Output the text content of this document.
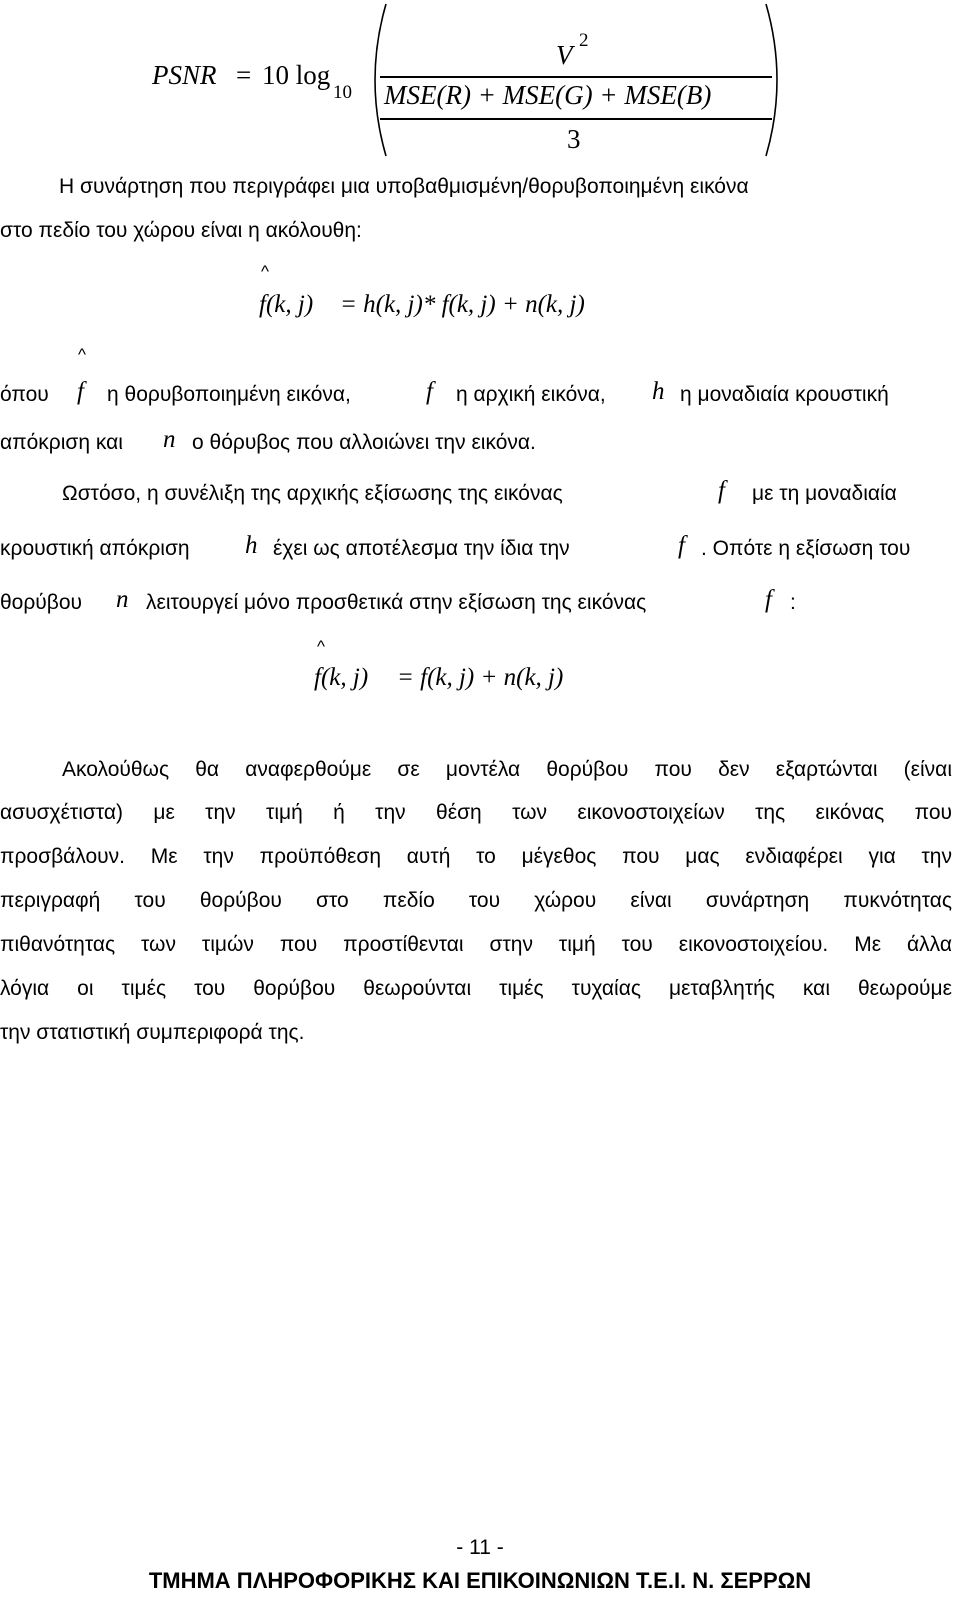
PSNR = 10 log
10
V 2
MSE(R) + MSE(G) + MSE(B)
3
Η συνάρτηση που περιγράφει μια υποβαθμισμένη/θορυβοποιημένη εικόνα
στο πεδίο του χώρου είναι η ακόλουθη:
^
f(k, j) = h(k, j)* f(k, j) + n(k, j)
^
όπου f η θορυβοποιημένη εικόνα,	f η αρχική εικόνα, h η μοναδιαία κρουστική
απόκριση και n ο θόρυβος που αλλοιώνει την εικόνα.
Ωστόσο, η συνέλιξη της αρχικής εξίσωσης της εικόνας	f με τη μοναδιαία
κρουστική απόκριση h έχει ως αποτέλεσμα την ίδια την	f . Οπότε η εξίσωση του
θορύβου n λειτουργεί μόνο προσθετικά στην εξίσωση της εικόνας	f :
^
f(k, j) = f(k, j) + n(k, j)
Ακολούθως θα αναφερθούμε σε μοντέλα θορύβου που δεν εξαρτώνται (είναι
ασυσχέτιστα) με την τιμή ή την θέση των εικονοστοιχείων της εικόνας που
προσβάλουν. Με την προϋπόθεση αυτή το μέγεθος που μας ενδιαφέρει για την
περιγραφή του θορύβου στο πεδίο του χώρου είναι συνάρτηση πυκνότητας
πιθανότητας των τιμών που προστίθενται στην τιμή του εικονοστοιχείου. Με άλλα
λόγια οι τιμές του θορύβου θεωρούνται τιμές τυχαίας μεταβλητής και θεωρούμε
την στατιστική συμπεριφορά της.
- 11 -
ΤΜΗΜΑ ΠΛΗΡΟΦΟΡΙΚΗΣ ΚΑΙ ΕΠΙΚΟΙΝΩΝΙΩΝ Τ.Ε.Ι. Ν. ΣΕΡΡΩΝ
